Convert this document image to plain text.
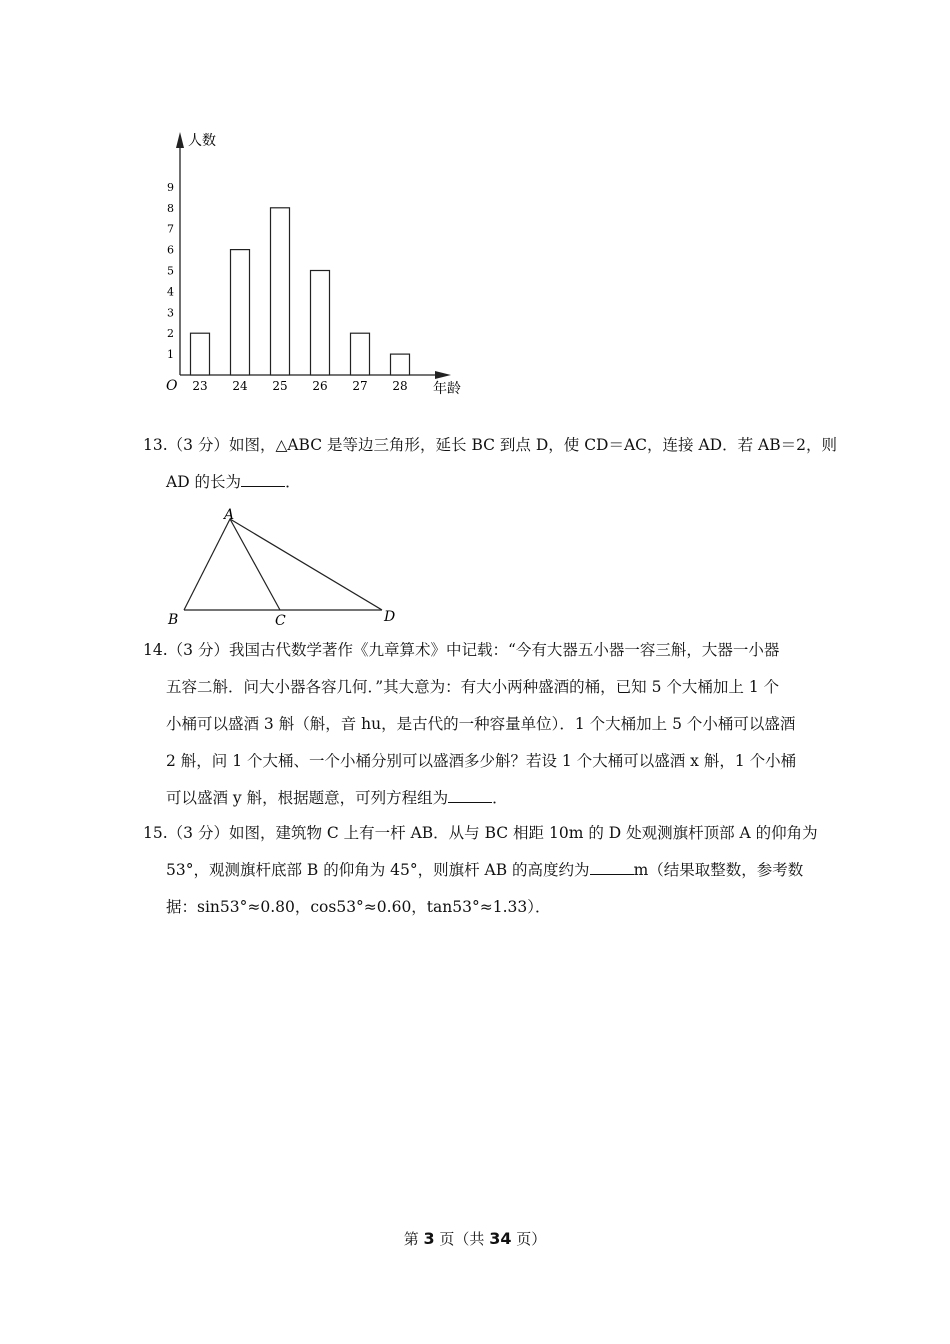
人数
年龄
O
1
2
3
4
5
6
7
8
9
23 24 25 26 27 28
13.（3 分）如图，△ABC 是等边三角形，延长 BC 到点 D，使 CD＝AC，连接 AD．若 AB＝2，则
AD 的长为	．
A
B	C	D
14.（3 分）我国古代数学著作《九章算术》中记载：“今有大器五小器一容三斛，大器一小器
五容二斛．问大小器各容几何．”其大意为：有大小两种盛酒的桶，已知 5 个大桶加上 1 个
小桶可以盛酒 3 斛（斛，音 hu，是古代的一种容量单位）．1 个大桶加上 5 个小桶可以盛酒
2 斛，问 1 个大桶、一个小桶分别可以盛酒多少斛？若设 1 个大桶可以盛酒 x 斛，1 个小桶
可以盛酒 y 斛，根据题意，可列方程组为	．
15.（3 分）如图，建筑物 C 上有一杆 AB．从与 BC 相距 10m 的 D 处观测旗杆顶部 A 的仰角为
53°，观测旗杆底部 B 的仰角为 45°，则旗杆 AB 的高度约为	m（结果取整数，参考数
据：sin53°≈0.80，cos53°≈0.60，tan53°≈1.33）．
第 3 页（共 34 页）
